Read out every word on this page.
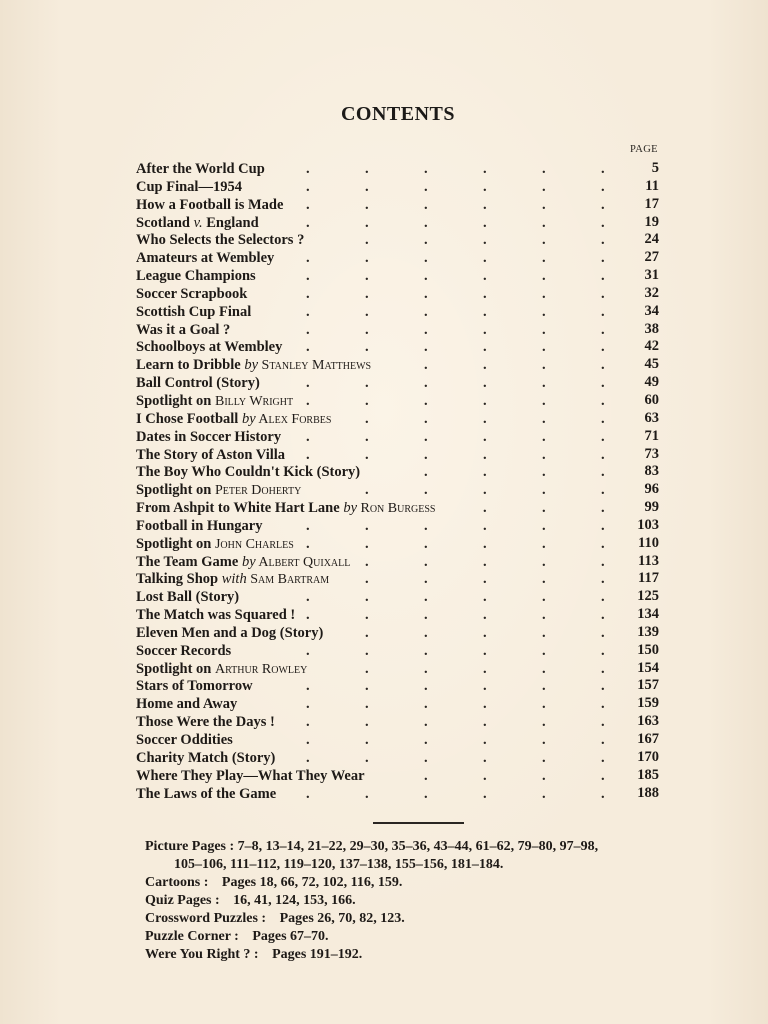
CONTENTS
PAGE
After the World Cup	.	.	.	.	.	.	5
Cup Final—1954	.	.	.	.	.	.	11
How a Football is Made .	.	.	.	.	.	17
Scotland v. England	.	.	.	.	.	.	19
Who Selects the Selectors ?	.	.	.	.	.	24
Amateurs at Wembley .	.	.	.	.	.	27
League Champions	.	.	.	.	.	.	31
Soccer Scrapbook	.	.	.	.	.	.	32
Scottish Cup Final	.	.	.	.	.	.	34
Was it a Goal ?	.	.	.	.	.	.	38
Schoolboys at Wembley .	.	.	.	.	.	42
Learn to Dribble by Stanley Matthews	.	.	.	.	45
Ball Control (Story)	.	.	.	.	.	.	49
Spotlight on Billy Wright .	.	.	.	.	.	60
I Chose Football by Alex Forbes .	.	.	.	.	63
Dates in Soccer History .	.	.	.	.	.	71
The Story of Aston Villa .	.	.	.	.	.	73
The Boy Who Couldn't Kick (Story)	.	.	.	.	83
Spotlight on Peter Doherty	.	.	.	.	.	96
From Ashpit to White Hart Lane by Ron Burgess	.	.	.	99
Football in Hungary	.	.	.	.	.	. 103
Spotlight on John Charles .	.	.	.	.	. 110
The Team Game by Albert Quixall .	.	.	.	. 113
Talking Shop with Sam Bartram .	.	.	.	. 117
Lost Ball (Story)	.	.	.	.	.	. 125
The Match was Squared ! .	.	.	.	.	. 134
Eleven Men and a Dog (Story)	.	.	.	.	. 139
Soccer Records	.	.	.	.	.	. 150
Spotlight on Arthur Rowley	.	.	.	.	. 154
Stars of Tomorrow	.	.	.	.	.	. 157
Home and Away	.	.	.	.	.	. 159
Those Were the Days ! .	.	.	.	.	. 163
Soccer Oddities	.	.	.	.	.	. 167
Charity Match (Story) .	.	.	.	.	. 170
Where They Play—What They Wear	.	.	.	. 185
The Laws of the Game .	.	.	.	.	. 188
Picture Pages : 7–8, 13–14, 21–22, 29–30, 35–36, 43–44, 61–62, 79–80, 97–98,
105–106, 111–112, 119–120, 137–138, 155–156, 181–184.
Cartoons : Pages 18, 66, 72, 102, 116, 159.
Quiz Pages : 16, 41, 124, 153, 166.
Crossword Puzzles : Pages 26, 70, 82, 123.
Puzzle Corner : Pages 67–70.
Were You Right ? : Pages 191–192.
